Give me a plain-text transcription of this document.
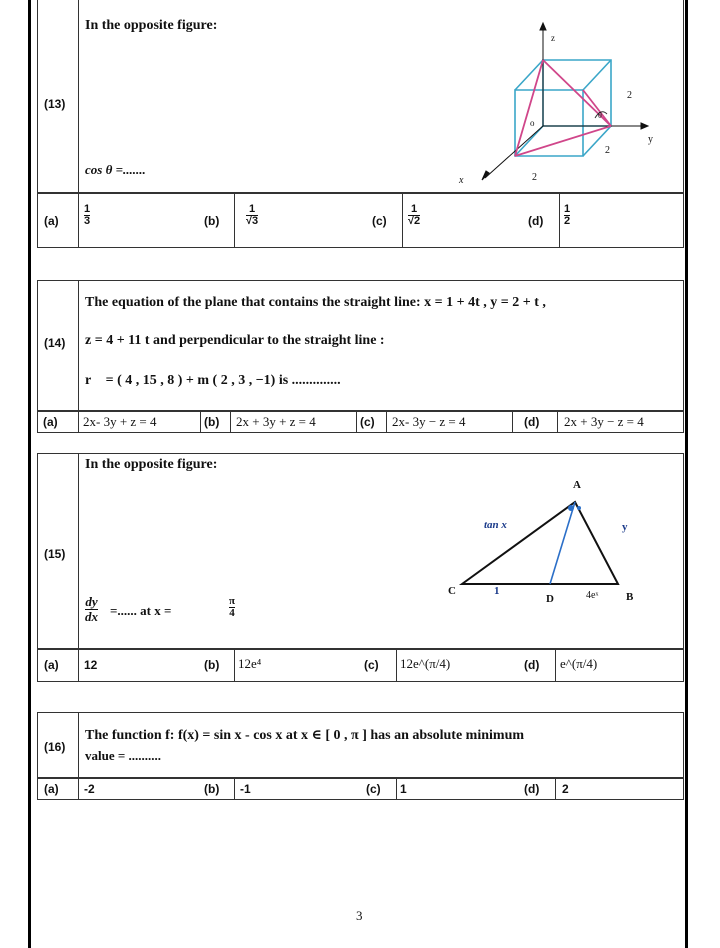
(13)
In the opposite figure:
cos θ =.......
z
y
x
o
2
2
2
θ
(a)
1
3	(b)
1
√3	(c)
1
√2	(d)
1
2
(14)
The equation of the plane that contains the straight line: x = 1 + 4t , y = 2 + t ,
z = 4 + 11 t and perpendicular to the straight line :
r⃗ = ( 4 , 15 , 8 ) + m ( 2 , 3 , −1) is ..............
(a) 2x- 3y + z = 4	(b) 2x + 3y + z = 4	(c) 2x- 3y − z = 4	(d) 2x + 3y − z = 4
(15)
In the opposite figure:
dy
dx =...... at x =
π
4
A
B
C
D
tan x	y
1	4eˣ
(a) 12	(b) 12e⁴	(c) 12e^(π/4)	(d) e^(π/4)
(16)
The function f: f(x) = sin x - cos x at x ∈ [ 0 , π ] has an absolute minimum
value = ..........
(a) -2	(b) -1	(c) 1	(d) 2
3
